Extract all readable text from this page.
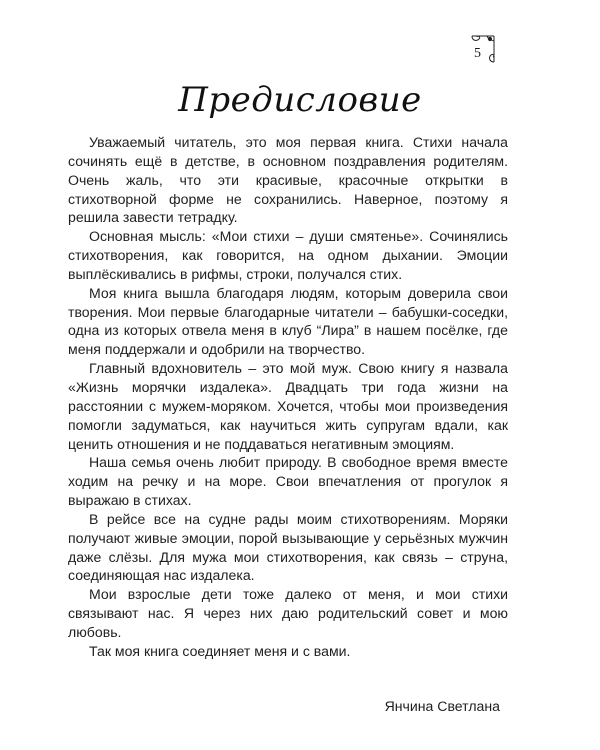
5
Предисловие

Уважаемый читатель, это моя первая книга. Стихи начала сочинять ещё в детстве, в основном поздравления родителям. Очень жаль, что эти красивые, красочные открытки в стихотворной форме не сохранились. Наверное, поэтому я решила завести тетрадку.

Основная мысль: «Мои стихи – души смятенье». Сочинялись стихотворения, как говорится, на одном дыхании. Эмоции выплёскивались в рифмы, строки, получался стих.

Моя книга вышла благодаря людям, которым доверила свои творения. Мои первые благодарные читатели – бабушки-соседки, одна из которых отвела меня в клуб “Лира” в нашем посёлке, где меня поддержали и одобрили на творчество.

Главный вдохновитель – это мой муж. Свою книгу я назвала «Жизнь морячки издалека». Двадцать три года жизни на расстоянии с мужем-моряком. Хочется, чтобы мои произведения помогли задуматься, как научиться жить супругам вдали, как ценить отношения и не поддаваться негативным эмоциям.

Наша семья очень любит природу. В свободное время вместе ходим на речку и на море. Свои впечатления от прогулок я выражаю в стихах.

В рейсе все на судне рады моим стихотворениям. Моряки получают живые эмоции, порой вызывающие у серьёзных мужчин даже слёзы. Для мужа мои стихотворения, как связь – струна, соединяющая нас издалека.

Мои взрослые дети тоже далеко от меня, и мои стихи связывают нас. Я через них даю родительский совет и мою любовь.

Так моя книга соединяет меня и с вами.

Янчина Светлана
